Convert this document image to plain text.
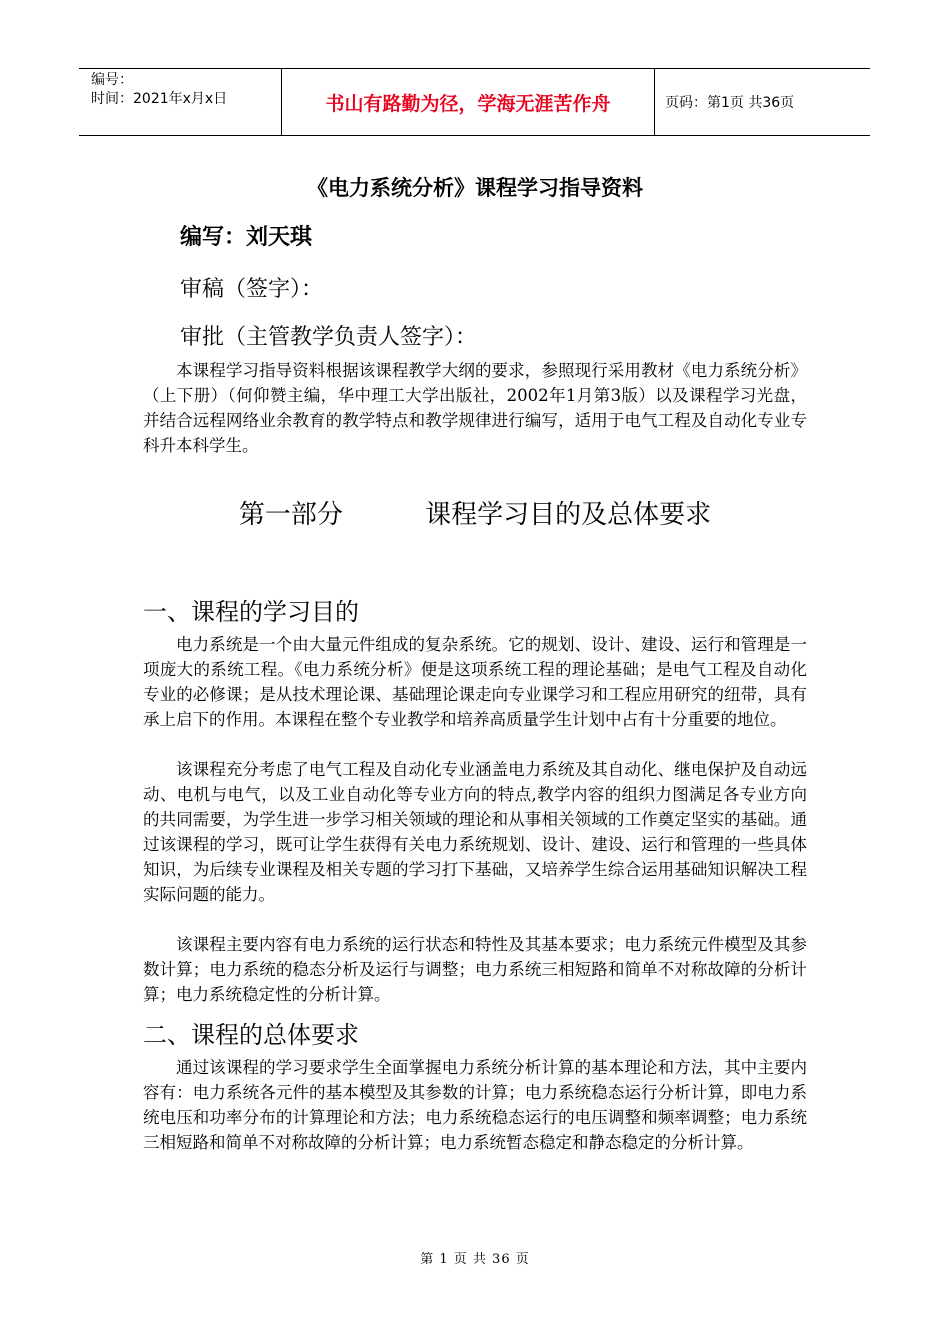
编号：
时间：2021年x月x日	书山有路勤为径，学海无涯苦作舟	页码：第1页 共36页
《电力系统分析》课程学习指导资料
编写：刘天琪
审稿（签字）：
审批（主管教学负责人签字）：

本课程学习指导资料根据该课程教学大纲的要求，参照现行采用教材《电力系统分析》（上下册）（何仰赞主编，华中理工大学出版社，2002年1月第3版）以及课程学习光盘，并结合远程网络业余教育的教学特点和教学规律进行编写，适用于电气工程及自动化专业专科升本科学生。

第一部分	课程学习目的及总体要求
一、课程的学习目的

电力系统是一个由大量元件组成的复杂系统。它的规划、设计、建设、运行和管理是一项庞大的系统工程。《电力系统分析》便是这项系统工程的理论基础；是电气工程及自动化专业的必修课；是从技术理论课、基础理论课走向专业课学习和工程应用研究的纽带，具有承上启下的作用。本课程在整个专业教学和培养高质量学生计划中占有十分重要的地位。

该课程充分考虑了电气工程及自动化专业涵盖电力系统及其自动化、继电保护及自动远动、电机与电气，以及工业自动化等专业方向的特点,教学内容的组织力图满足各专业方向的共同需要，为学生进一步学习相关领域的理论和从事相关领域的工作奠定坚实的基础。通过该课程的学习，既可让学生获得有关电力系统规划、设计、建设、运行和管理的一些具体知识，为后续专业课程及相关专题的学习打下基础，又培养学生综合运用基础知识解决工程实际问题的能力。

该课程主要内容有电力系统的运行状态和特性及其基本要求；电力系统元件模型及其参数计算；电力系统的稳态分析及运行与调整；电力系统三相短路和简单不对称故障的分析计算；电力系统稳定性的分析计算。

二、课程的总体要求

通过该课程的学习要求学生全面掌握电力系统分析计算的基本理论和方法，其中主要内容有：电力系统各元件的基本模型及其参数的计算；电力系统稳态运行分析计算，即电力系统电压和功率分布的计算理论和方法；电力系统稳态运行的电压调整和频率调整；电力系统三相短路和简单不对称故障的分析计算；电力系统暂态稳定和静态稳定的分析计算。

第 1 页 共 36 页
